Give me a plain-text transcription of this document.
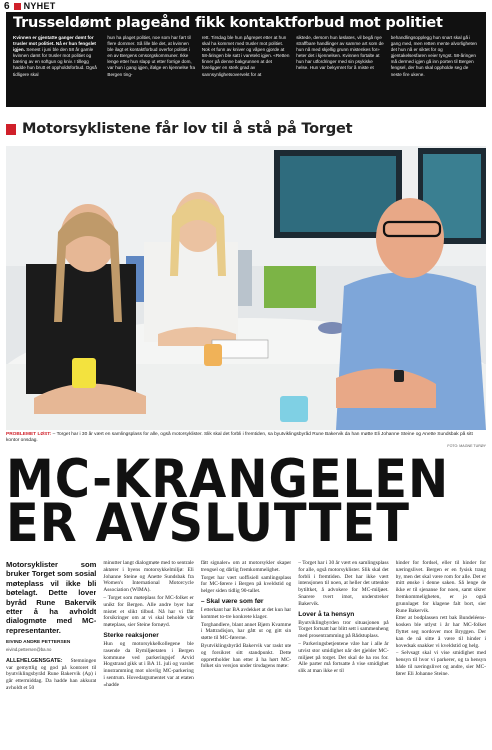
6 NYHET
Trusseldømt plageånd fikk kontaktforbud mot politiet
Kvinnen er gjentatte ganger dømt for trusler mot politiet. Nå er hun fengslet igjen. Senest i juni ble den 58 år gamle kvinnen dømt for trusler mot politiet og bæring av en softgun og kniv. I tillegg hadde hun brutt et oppholdsforbud. Også tidligere skal
hun ha plaget politiet, noe som har ført til flere dommer. Så lille ble det, at kvinnen ble ilagt et kontaktforbud overfor politiet i en av Bergens omsorgskommuner. Ikke lenge etter hun slapp ut etter forrige dom, var hun i gang igjen, ifølge en kjennelse fra Bergen ting-
rett. Tirsdag ble hun pågrepet etter at hun skal ha kommet med trusler mot politiet. Nok et funn av kniver og våpen gjorde at 58-åringen ble satt i varetekt igjen. «Retten finner på denne bakgrunnen at det foreligger en sterk grad av sannsynlighetsovervekt for at
siktede, dersom hun løslates, vil begå nye straffbare handlinger av samme art som de hun nå med skjellig grunn mistenkes for» heter det i kjennelsen. Kvinnen fortalte at hun har utfordringer med sin psykiske helse. Hun var bekymret for å miste et
behandlingsopplegg hun snart skal gå i gang med, men retten mente alvorligheten det hun nå er siktet for og gjentakelsesfaren veier tyngst. 58-åringen må dermed igjen gå inn porten til Bergen fengsel, der hun skal oppholde seg de neste fire ukene.
Motorsyklistene får lov til å stå på Torget
PROBLEMET LØST: – Torget har i 30 år vært en samlingsplass for alle, også motorsyklister. Slik skal det forbli i fremtiden, sa byutviklingsbyråd Rune Bakervik da han møtte Eli Johanne Steine og Anette Sundsbak på sitt kontor onsdag.
FOTO: MAGNE TURØY
MC-KRANGELEN
ER AVSLUTTET
Motorsyklister som bruker Torget som sosial møteplass vil ikke bli bøtelagt. Dette lover byråd Rune Bakervik etter å ha avholdt dialogmøte med MC-representanter.
EIVIND ANDRE PETTERSEN
eivind.pettersen@ba.no

ALLEHELGENSGATE: Stemningen var gemyttlig og god på kontoret til byutviklingsbyråd Rune Bakervik (Ap) i går ettermiddag. Da hadde han akkurat avholdt et 50

minutter langt dialogmøte med to sentrale aktører i byens motorsykkelmiljø: Eli Johanne Steine og Anette Sundsbak fra Women's International Motorcycle Association (WIMA).

– Torget som møteplass for MC-folket er unikt for Bergen. Alle andre byer har mistet et slikt tilbud. Nå har vi fått forsikringer om at vi skal beholde vår møteplass, sier Steine fornøyd.

Sterke reaksjoner

Hun og motorsykkelkollegene ble rasende da Bymiljøetaten i Bergen kommune ved parkeringsjef Arvid Hogstrand gikk ut i BA 11. juli og varslet innstramming mot ulovlig MC-parkering i sentrum. Hovedargumentet var at etaten «hadde

fått signaler» om at motorsykler skaper trengsel og dårlig fremkommelighet.

Torget har vært uoffisiell samlingsplass for MC-førere i Bergen på kveldstid og helger siden tidlig 90-tallet.

– Skal være som før

I etterkant har BA avdekket at det kun har kommet to-tre konkrete klager.

Torghandlere, blant annet Bjørn Kvamme i Mattradisjon, har gått ut og gitt sin støtte til MC-førerne.

Byutviklingsbyråd Bakervik var raskt ute og forsikret sitt standpunkt. Dette opprettholder han etter å ha hørt MC-folket sin versjon under tirsdagens møte:

– Torget har i 30 år vært en samlingsplass for alle, også motorsyklister. Slik skal det forbli i fremtiden. Det har ikke vært intensjonen til noen, at heller det uttenkte bytiltket, å advokere for MC-miljøet. Snarere tvert imot, understreker Bakervik.

Lover å ta hensyn

Byutviklingbyrden tror situasjonen på Torget fortsatt har blitt sett i sammenheng med prosentramming på Rådstuplass.

– Parkeringsbetjentene våre har i alle år utvist stor smidighet når det gjelder MC-miljøet på torget. Det skal de ha ros for. Alle parter må fortsatte å vise smidighet slik at man ikke er til

hinder for fordsel, eller til hinder for næringslivet. Bergen er en fysisk trang by, men det skal være rom for alle. Det er mitt ønske i denne saken. Så lenge de ikke er til sjenanse for noen, samt sikrer fremkommeligheten, er jo også grunnlaget for klagene falt bort, sier Rune Bakervik.

Etter at bodplassen rett bak Bundeléens-kosken ble utlyst i år har MC-folket flyttet seg nordover mot Bryggen. Der kan de nå sitte å være til hinder i hovedsak snakker vi kveldstid og helg.

– Selvsagt skal vi vise smidighet med hensyn til hvor vi parkerer, og ta hensyn både til næringslivet og andre, sier MC-fører Eli Johanne Steine.
